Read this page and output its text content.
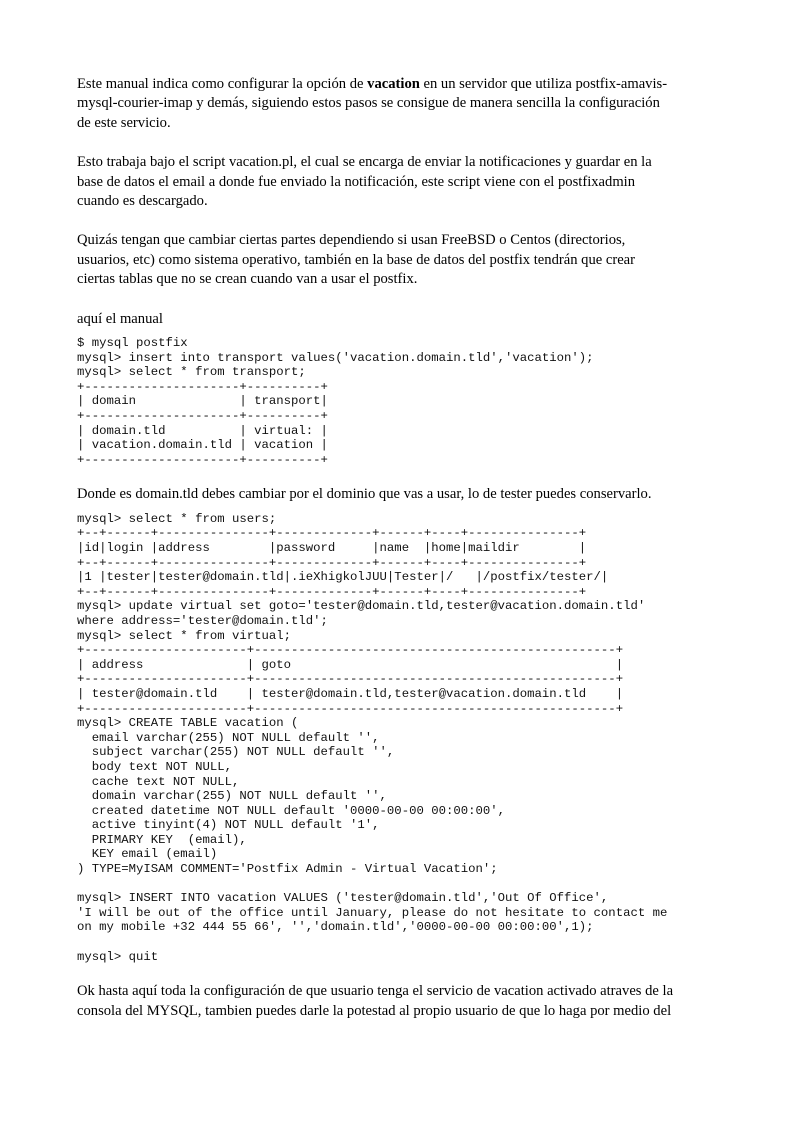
Este manual indica como configurar la opción de vacation en un servidor que utiliza postfix-amavis-
mysql-courier-imap y demás, siguiendo estos pasos se consigue de manera sencilla la configuración
de este servicio.

Esto trabaja bajo el script vacation.pl, el cual se encarga de enviar la notificaciones y guardar en la
base de datos el email a donde fue enviado la notificación, este script viene con el postfixadmin
cuando es descargado.

Quizás tengan que cambiar ciertas partes dependiendo si usan FreeBSD o Centos (directorios,
usuarios, etc) como sistema operativo, también en la base de datos del postfix tendrán que crear
ciertas tablas que no se crean cuando van a usar el postfix.

aquí el manual

$ mysql postfix
mysql> insert into transport values('vacation.domain.tld','vacation');
mysql> select * from transport;
+---------------------+----------+
| domain              | transport|
+---------------------+----------+
| domain.tld          | virtual: |
| vacation.domain.tld | vacation |
+---------------------+----------+

Donde es domain.tld debes cambiar por el dominio que vas a usar, lo de tester puedes conservarlo.

mysql> select * from users;
+--+------+---------------+-------------+------+----+---------------+
|id|login |address        |password     |name  |home|maildir        |
+--+------+---------------+-------------+------+----+---------------+
|1 |tester|tester@domain.tld|.ieXhigkolJUU|Tester|/   |/postfix/tester/|
+--+------+---------------+-------------+------+----+---------------+
mysql> update virtual set goto='tester@domain.tld,tester@vacation.domain.tld'
where address='tester@domain.tld';
mysql> select * from virtual;
+----------------------+-------------------------------------------------+
| address              | goto                                            |
+----------------------+-------------------------------------------------+
| tester@domain.tld    | tester@domain.tld,tester@vacation.domain.tld    |
+----------------------+-------------------------------------------------+
mysql> CREATE TABLE vacation (
email varchar(255) NOT NULL default '',
subject varchar(255) NOT NULL default '',
body text NOT NULL,
cache text NOT NULL,
domain varchar(255) NOT NULL default '',
created datetime NOT NULL default '0000-00-00 00:00:00',
active tinyint(4) NOT NULL default '1',
PRIMARY KEY  (email),
KEY email (email)
) TYPE=MyISAM COMMENT='Postfix Admin - Virtual Vacation';

mysql> INSERT INTO vacation VALUES ('tester@domain.tld','Out Of Office',
'I will be out of the office until January, please do not hesitate to contact me
on my mobile +32 444 55 66', '','domain.tld','0000-00-00 00:00:00',1);

mysql> quit

Ok hasta aquí toda la configuración de que usuario tenga el servicio de vacation activado atraves de la
consola del MYSQL, tambien puedes darle la potestad al propio usuario de que lo haga por medio del
